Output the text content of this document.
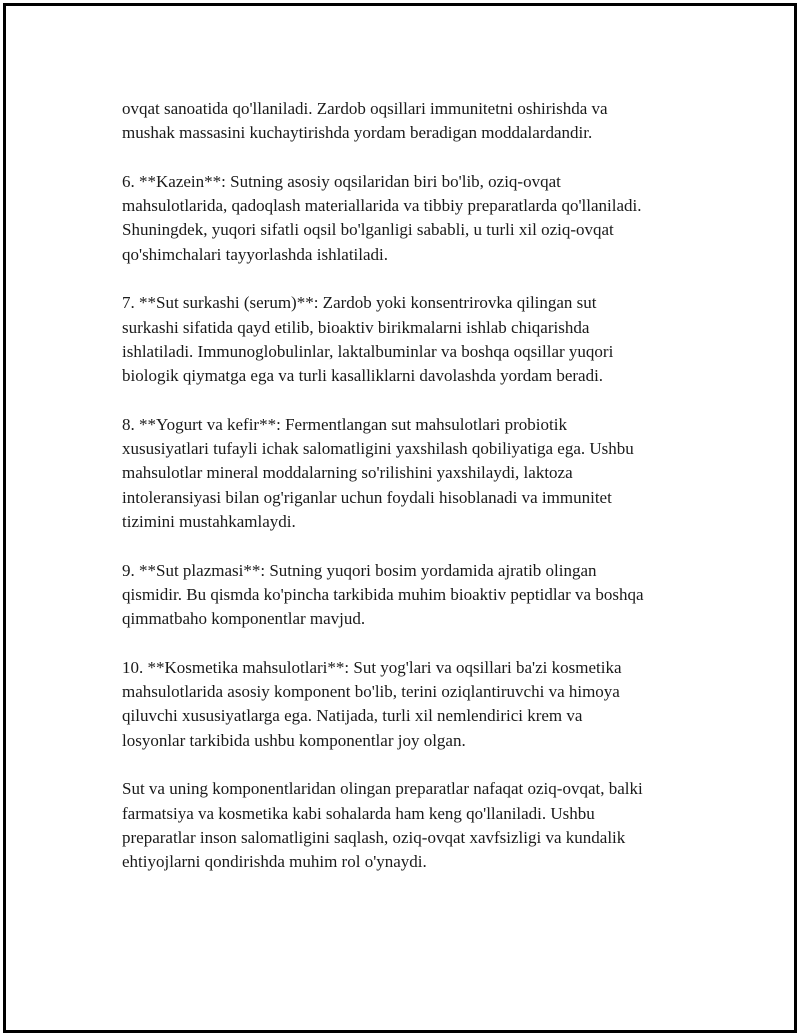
ovqat sanoatida qo'llaniladi. Zardob oqsillari immunitetni oshirishda va
mushak massasini kuchaytirishda yordam beradigan moddalardandir.

6. **Kazein**: Sutning asosiy oqsilaridan biri bo'lib, oziq-ovqat
mahsulotlarida, qadoqlash materiallarida va tibbiy preparatlarda qo'llaniladi.
Shuningdek, yuqori sifatli oqsil bo'lganligi sababli, u turli xil oziq-ovqat
qo'shimchalari tayyorlashda ishlatiladi.

7. **Sut surkashi (serum)**: Zardob yoki konsentrirovka qilingan sut
surkashi sifatida qayd etilib, bioaktiv birikmalarni ishlab chiqarishda
ishlatiladi. Immunoglobulinlar, laktalbuminlar va boshqa oqsillar yuqori
biologik qiymatga ega va turli kasalliklarni davolashda yordam beradi.

8. **Yogurt va kefir**: Fermentlangan sut mahsulotlari probiotik
xususiyatlari tufayli ichak salomatligini yaxshilash qobiliyatiga ega. Ushbu
mahsulotlar mineral moddalarning so'rilishini yaxshilaydi, laktoza
intoleransiyasi bilan og'riganlar uchun foydali hisoblanadi va immunitet
tizimini mustahkamlaydi.

9. **Sut plazmasi**: Sutning yuqori bosim yordamida ajratib olingan
qismidir. Bu qismda ko'pincha tarkibida muhim bioaktiv peptidlar va boshqa
qimmatbaho komponentlar mavjud.

10. **Kosmetika mahsulotlari**: Sut yog'lari va oqsillari ba'zi kosmetika
mahsulotlarida asosiy komponent bo'lib, terini oziqlantiruvchi va himoya
qiluvchi xususiyatlarga ega. Natijada, turli xil nemlendirici krem va
losyonlar tarkibida ushbu komponentlar joy olgan.

Sut va uning komponentlaridan olingan preparatlar nafaqat oziq-ovqat, balki
farmatsiya va kosmetika kabi sohalarda ham keng qo'llaniladi. Ushbu
preparatlar inson salomatligini saqlash, oziq-ovqat xavfsizligi va kundalik
ehtiyojlarni qondirishda muhim rol o'ynaydi.
